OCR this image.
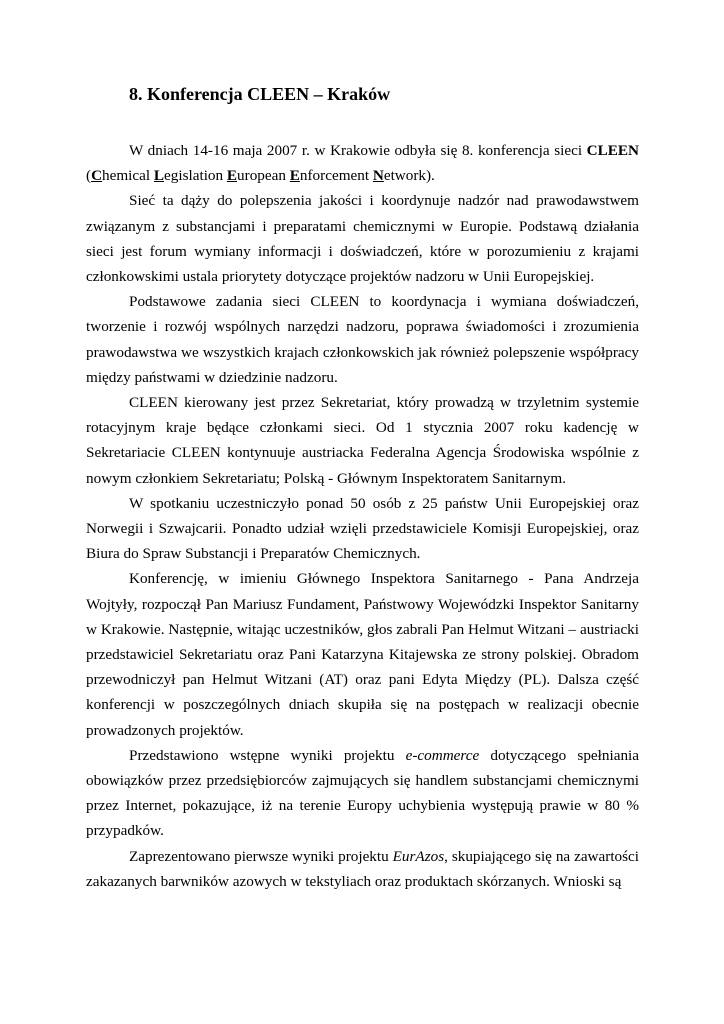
8. Konferencja CLEEN – Kraków

W dniach 14-16 maja 2007 r. w Krakowie odbyła się 8. konferencja sieci CLEEN (Chemical Legislation European Enforcement Network).

Sieć ta dąży do polepszenia jakości i koordynuje nadzór nad prawodawstwem związanym z substancjami i preparatami chemicznymi w Europie. Podstawą działania sieci jest forum wymiany informacji i doświadczeń, które w porozumieniu z krajami członkowskimi ustala priorytety dotyczące projektów nadzoru w Unii Europejskiej.

Podstawowe zadania sieci CLEEN to koordynacja i wymiana doświadczeń, tworzenie i rozwój wspólnych narzędzi nadzoru, poprawa świadomości i zrozumienia prawodawstwa we wszystkich krajach członkowskich jak również polepszenie współpracy między państwami w dziedzinie nadzoru.

CLEEN kierowany jest przez Sekretariat, który prowadzą w trzyletnim systemie rotacyjnym kraje będące członkami sieci. Od 1 stycznia 2007 roku kadencję w Sekretariacie CLEEN kontynuuje austriacka Federalna Agencja Środowiska wspólnie z nowym członkiem Sekretariatu; Polską - Głównym Inspektoratem Sanitarnym.

W spotkaniu uczestniczyło ponad 50 osób z 25 państw Unii Europejskiej oraz Norwegii i Szwajcarii. Ponadto udział wzięli przedstawiciele Komisji Europejskiej, oraz Biura do Spraw Substancji i Preparatów Chemicznych.

Konferencję, w imieniu Głównego Inspektora Sanitarnego - Pana Andrzeja Wojtyły, rozpoczął Pan Mariusz Fundament, Państwowy Wojewódzki Inspektor Sanitarny w Krakowie. Następnie, witając uczestników, głos zabrali Pan Helmut Witzani – austriacki przedstawiciel Sekretariatu oraz Pani Katarzyna Kitajewska ze strony polskiej. Obradom przewodniczył pan Helmut Witzani (AT) oraz pani Edyta Między (PL). Dalsza część konferencji w poszczególnych dniach skupiła się na postępach w realizacji obecnie prowadzonych projektów.

Przedstawiono wstępne wyniki projektu e-commerce dotyczącego spełniania obowiązków przez przedsiębiorców zajmujących się handlem substancjami chemicznymi przez Internet, pokazujące, iż na terenie Europy uchybienia występują prawie w 80 % przypadków.

Zaprezentowano pierwsze wyniki projektu EurAzos, skupiającego się na zawartości zakazanych barwników azowych w tekstyliach oraz produktach skórzanych. Wnioski są
